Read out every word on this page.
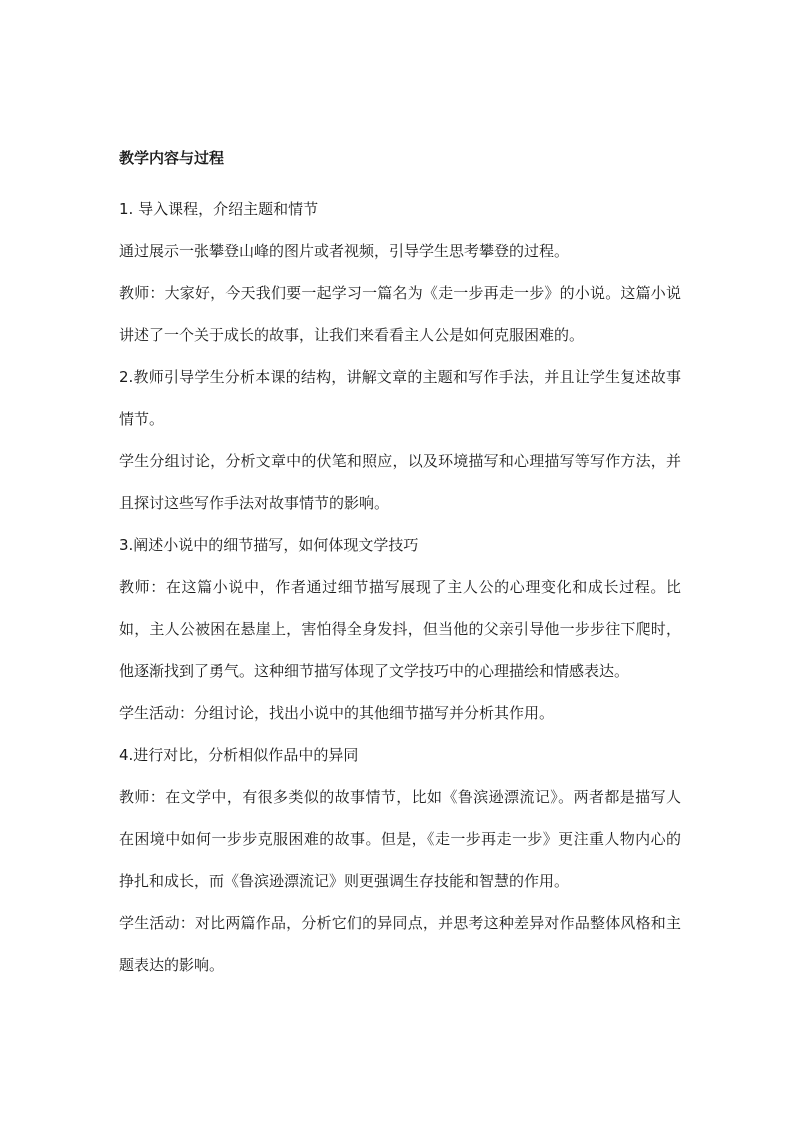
教学内容与过程

1. 导入课程，介绍主题和情节

通过展示一张攀登山峰的图片或者视频，引导学生思考攀登的过程。

教师：大家好，今天我们要一起学习一篇名为《走一步再走一步》的小说。这篇小说讲述了一个关于成长的故事，让我们来看看主人公是如何克服困难的。

2.教师引导学生分析本课的结构，讲解文章的主题和写作手法，并且让学生复述故事情节。

学生分组讨论，分析文章中的伏笔和照应，以及环境描写和心理描写等写作方法，并且探讨这些写作手法对故事情节的影响。

3.阐述小说中的细节描写，如何体现文学技巧

教师：在这篇小说中，作者通过细节描写展现了主人公的心理变化和成长过程。比如，主人公被困在悬崖上，害怕得全身发抖，但当他的父亲引导他一步步往下爬时，他逐渐找到了勇气。这种细节描写体现了文学技巧中的心理描绘和情感表达。

学生活动：分组讨论，找出小说中的其他细节描写并分析其作用。

4.进行对比，分析相似作品中的异同

教师：在文学中，有很多类似的故事情节，比如《鲁滨逊漂流记》。两者都是描写人在困境中如何一步步克服困难的故事。但是，《走一步再走一步》更注重人物内心的挣扎和成长，而《鲁滨逊漂流记》则更强调生存技能和智慧的作用。

学生活动：对比两篇作品，分析它们的异同点，并思考这种差异对作品整体风格和主题表达的影响。
